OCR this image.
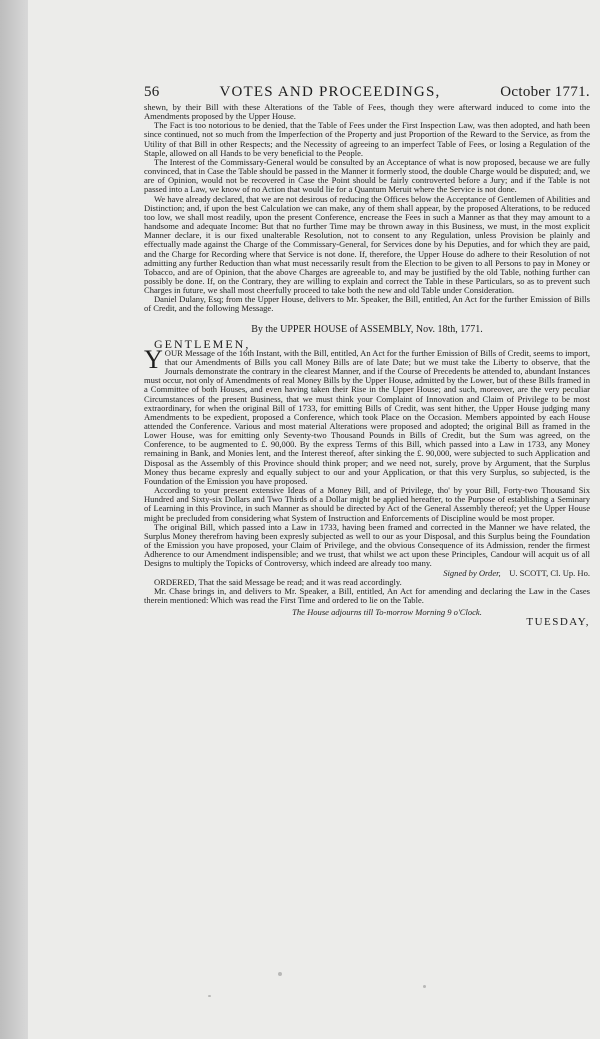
56	VOTES AND PROCEEDINGS,	October 1771.

shewn, by their Bill with these Alterations of the Table of Fees, though they were afterward induced to come into the Amendments proposed by the Upper House.

The Fact is too notorious to be denied, that the Table of Fees under the First Inspection Law, was then adopted, and hath been since continued, not so much from the Imperfection of the Property and just Proportion of the Reward to the Service, as from the Utility of that Bill in other Respects; and the Necessity of agreeing to an imperfect Table of Fees, or losing a Regulation of the Staple, allowed on all Hands to be very beneficial to the People.

The Interest of the Commissary-General would be consulted by an Acceptance of what is now proposed, because we are fully convinced, that in Case the Table should be passed in the Manner it formerly stood, the double Charge would be disputed; and, we are of Opinion, would not be recovered in Case the Point should be fairly controverted before a Jury; and if the Table is not passed into a Law, we know of no Action that would lie for a Quantum Meruit where the Service is not done.

We have already declared, that we are not desirous of reducing the Offices below the Acceptance of Gentlemen of Abilities and Distinction; and, if upon the best Calculation we can make, any of them shall appear, by the proposed Alterations, to be reduced too low, we shall most readily, upon the present Conference, encrease the Fees in such a Manner as that they may amount to a handsome and adequate Income: But that no further Time may be thrown away in this Business, we must, in the most explicit Manner declare, it is our fixed unalterable Resolution, not to consent to any Regulation, unless Provision be plainly and effectually made against the Charge of the Commissary-General, for Services done by his Deputies, and for which they are paid, and the Charge for Recording where that Service is not done. If, therefore, the Upper House do adhere to their Resolution of not admitting any further Reduction than what must necessarily result from the Election to be given to all Persons to pay in Money or Tobacco, and are of Opinion, that the above Charges are agreeable to, and may be justified by the old Table, nothing further can possibly be done. If, on the Contrary, they are willing to explain and correct the Table in these Particulars, so as to prevent such Charges in future, we shall most cheerfully proceed to take both the new and old Table under Consideration.

Daniel Dulany, Esq; from the Upper House, delivers to Mr. Speaker, the Bill, entitled, An Act for the further Emission of Bills of Credit, and the following Message.

By the UPPER HOUSE of ASSEMBLY, Nov. 18th, 1771.

GENTLEMEN,

YOUR Message of the 16th Instant, with the Bill, entitled, An Act for the further Emission of Bills of Credit, seems to import, that our Amendments of Bills you call Money Bills are of late Date; but we must take the Liberty to observe, that the Journals demonstrate the contrary in the clearest Manner, and if the Course of Precedents be attended to, abundant Instances must occur, not only of Amendments of real Money Bills by the Upper House, admitted by the Lower, but of these Bills framed in a Committee of both Houses, and even having taken their Rise in the Upper House; and such, moreover, are the very peculiar Circumstances of the present Business, that we must think your Complaint of Innovation and Claim of Privilege to be most extraordinary, for when the original Bill of 1733, for emitting Bills of Credit, was sent hither, the Upper House judging many Amendments to be expedient, proposed a Conference, which took Place on the Occasion. Members appointed by each House attended the Conference. Various and most material Alterations were proposed and adopted; the original Bill as framed in the Lower House, was for emitting only Seventy-two Thousand Pounds in Bills of Credit, but the Sum was agreed, on the Conference, to be augmented to £. 90,000. By the express Terms of this Bill, which passed into a Law in 1733, any Money remaining in Bank, and Monies lent, and the Interest thereof, after sinking the £. 90,000, were subjected to such Application and Disposal as the Assembly of this Province should think proper; and we need not, surely, prove by Argument, that the Surplus Money thus became expresly and equally subject to our and your Application, or that this very Surplus, so subjected, is the Foundation of the Emission you have proposed.

According to your present extensive Ideas of a Money Bill, and of Privilege, tho' by your Bill, Forty-two Thousand Six Hundred and Sixty-six Dollars and Two Thirds of a Dollar might be applied hereafter, to the Purpose of establishing a Seminary of Learning in this Province, in such Manner as should be directed by Act of the General Assembly thereof; yet the Upper House might be precluded from considering what System of Instruction and Enforcements of Discipline would be most proper.

The original Bill, which passed into a Law in 1733, having been framed and corrected in the Manner we have related, the Surplus Money therefrom having been expresly subjected as well to our as your Disposal, and this Surplus being the Foundation of the Emission you have proposed, your Claim of Privilege, and the obvious Consequence of its Admission, render the firmest Adherence to our Amendment indispensible; and we trust, that whilst we act upon these Principles, Candour will acquit us of all Designs to multiply the Topicks of Controversy, which indeed are already too many.

Signed by Order, U. SCOTT, Cl. Up. Ho.

ORDERED, That the said Message be read; and it was read accordingly.

Mr. Chase brings in, and delivers to Mr. Speaker, a Bill, entitled, An Act for amending and declaring the Law in the Cases therein mentioned: Which was read the First Time and ordered to lie on the Table.

The House adjourns till To-morrow Morning 9 o'Clock.

TUESDAY,
